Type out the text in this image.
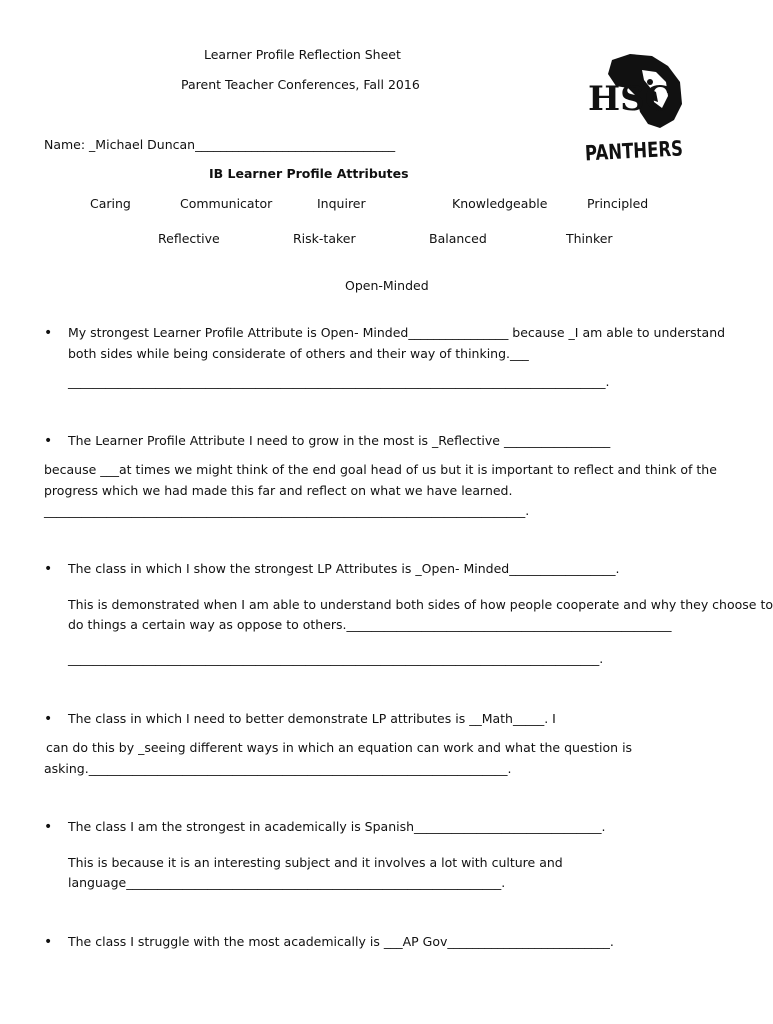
Learner Profile Reflection Sheet
Parent Teacher Conferences, Fall 2016
Name: _Michael Duncan________________________________
HSC
PANTHERS
IB Learner Profile Attributes
Caring	Communicator	Inquirer	Knowledgeable	Principled
Reflective	Risk-taker	Balanced	Thinker
Open-Minded
• My strongest Learner Profile Attribute is Open- Minded________________ because _I am able to understand
both sides while being considerate of others and their way of thinking.___
______________________________________________________________________________________.
• The Learner Profile Attribute I need to grow in the most is _Reflective _________________
because ___at times we might think of the end goal head of us but it is important to reflect and think of the
progress which we had made this far and reflect on what we have learned.
_____________________________________________________________________________.
• The class in which I show the strongest LP Attributes is _Open- Minded_________________.
This is demonstrated when I am able to understand both sides of how people cooperate and why they choose to
do things a certain way as oppose to others.____________________________________________________
_____________________________________________________________________________________.
• The class in which I need to better demonstrate LP attributes is __Math_____. I
can do this by _seeing different ways in which an equation can work and what the question is
asking.___________________________________________________________________.
• The class I am the strongest in academically is Spanish______________________________.
This is because it is an interesting subject and it involves a lot with culture and
language____________________________________________________________.
• The class I struggle with the most academically is ___AP Gov__________________________.
